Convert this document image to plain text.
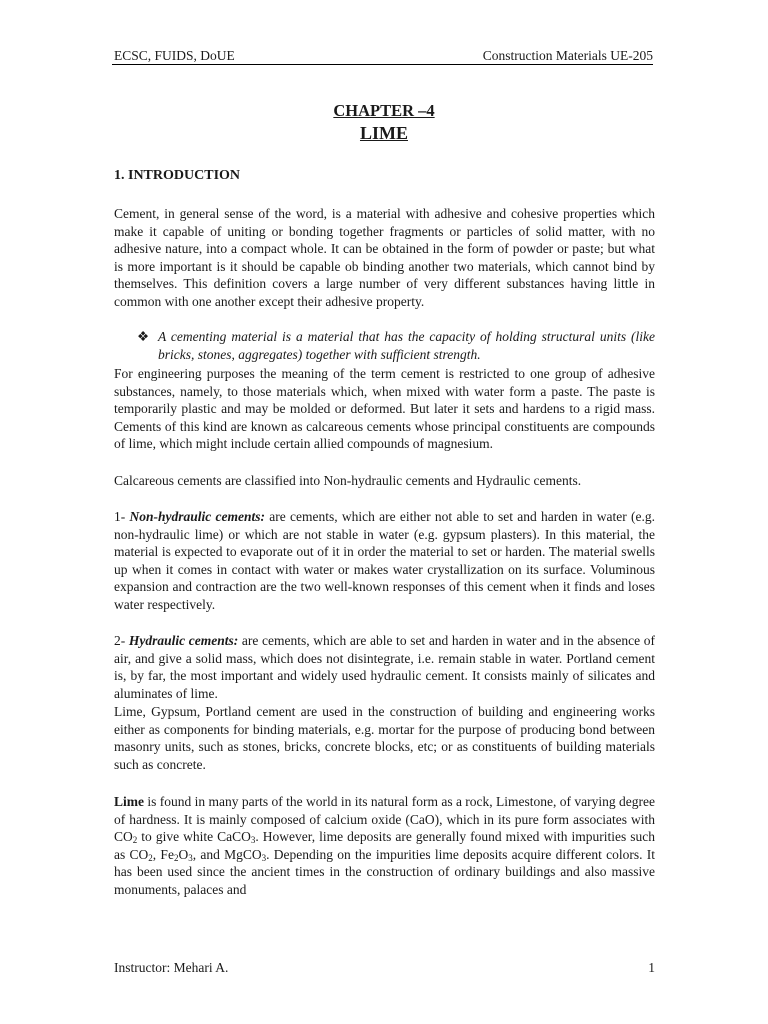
ECSC, FUIDS, DoUE	Construction Materials UE-205
CHAPTER –4
LIME
1. INTRODUCTION

Cement, in general sense of the word, is a material with adhesive and cohesive properties which make it capable of uniting or bonding together fragments or particles of solid matter, with no adhesive nature, into a compact whole. It can be obtained in the form of powder or paste; but what is more important is it should be capable ob binding another two materials, which cannot bind by themselves. This definition covers a large number of very different substances having little in common with one another except their adhesive property.

❖ A cementing material is a material that has the capacity of holding structural units (like bricks, stones, aggregates) together with sufficient strength.

For engineering purposes the meaning of the term cement is restricted to one group of adhesive substances, namely, to those materials which, when mixed with water form a paste. The paste is temporarily plastic and may be molded or deformed. But later it sets and hardens to a rigid mass. Cements of this kind are known as calcareous cements whose principal constituents are compounds of lime, which might include certain allied compounds of magnesium.

Calcareous cements are classified into Non-hydraulic cements and Hydraulic cements.

1- Non-hydraulic cements: are cements, which are either not able to set and harden in water (e.g. non-hydraulic lime) or which are not stable in water (e.g. gypsum plasters). In this material, the material is expected to evaporate out of it in order the material to set or harden. The material swells up when it comes in contact with water or makes water crystallization on its surface. Voluminous expansion and contraction are the two well-known responses of this cement when it finds and loses water respectively.

2- Hydraulic cements: are cements, which are able to set and harden in water and in the absence of air, and give a solid mass, which does not disintegrate, i.e. remain stable in water. Portland cement is, by far, the most important and widely used hydraulic cement. It consists mainly of silicates and aluminates of lime.

Lime, Gypsum, Portland cement are used in the construction of building and engineering works either as components for binding materials, e.g. mortar for the purpose of producing bond between masonry units, such as stones, bricks, concrete blocks, etc; or as constituents of building materials such as concrete.

Lime is found in many parts of the world in its natural form as a rock, Limestone, of varying degree of hardness. It is mainly composed of calcium oxide (CaO), which in its pure form associates with $CO_2$ to give white CaCO$_3$. However, lime deposits are generally found mixed with impurities such as $CO_2$, $Fe_2O_3$, and MgCO$_3$. Depending on the impurities lime deposits acquire different colors. It has been used since the ancient times in the construction of ordinary buildings and also massive monuments, palaces and

Instructor: Mehari A.	1
